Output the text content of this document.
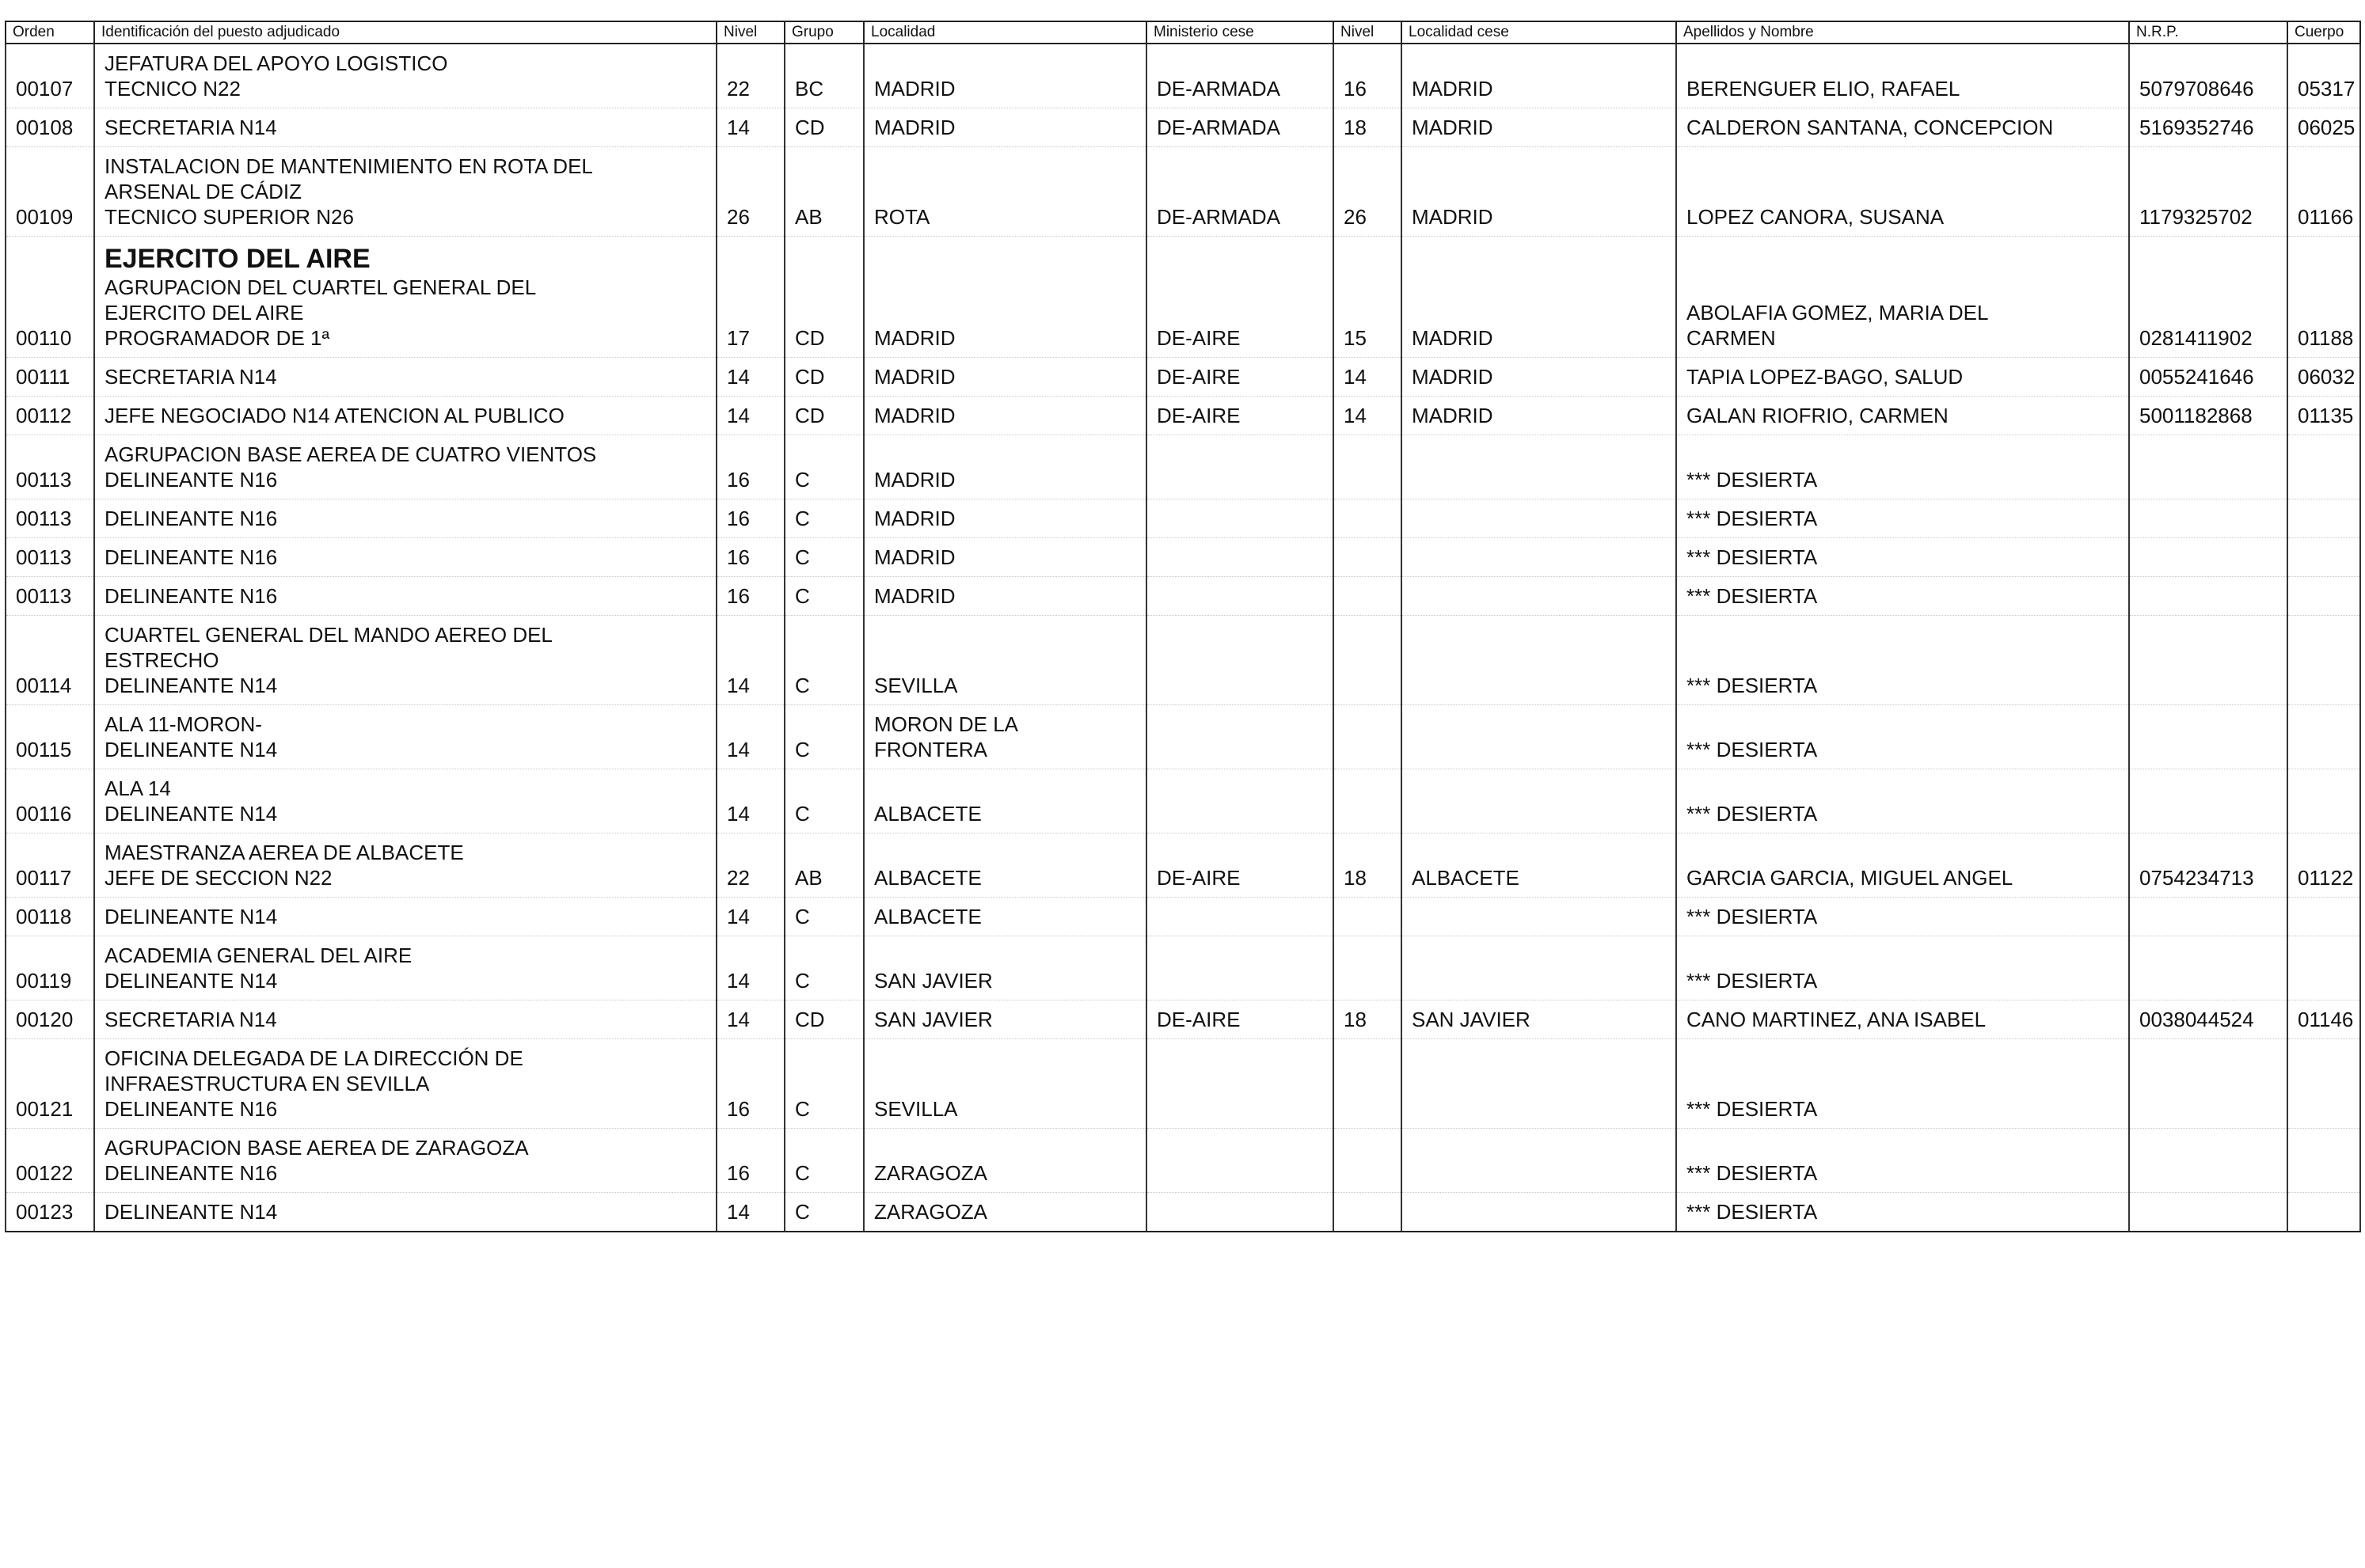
Orden	Identificación del puesto adjudicado	Nivel	Grupo	Localidad	Ministerio cese	Nivel	Localidad cese	Apellidos y Nombre	N.R.P.	Cuerpo
00107	JEFATURA DEL APOYO LOGISTICO
TECNICO N22	22	BC	MADRID	DE-ARMADA	16	MADRID	BERENGUER ELIO, RAFAEL	5079708646	05317
00108	SECRETARIA N14	14	CD	MADRID	DE-ARMADA	18	MADRID	CALDERON SANTANA, CONCEPCION	5169352746	06025
00109	INSTALACION DE MANTENIMIENTO EN ROTA DEL
ARSENAL DE CÁDIZ
TECNICO SUPERIOR N26	26	AB	ROTA	DE-ARMADA	26	MADRID	LOPEZ CANORA, SUSANA	1179325702	01166
00110	EJERCITO DEL AIRE
AGRUPACION DEL CUARTEL GENERAL DEL
EJERCITO DEL AIRE
PROGRAMADOR DE 1ª	17	CD	MADRID	DE-AIRE	15	MADRID	ABOLAFIA GOMEZ, MARIA DEL
CARMEN	0281411902	01188
00111	SECRETARIA N14	14	CD	MADRID	DE-AIRE	14	MADRID	TAPIA LOPEZ-BAGO, SALUD	0055241646	06032
00112	JEFE NEGOCIADO N14 ATENCION AL PUBLICO	14	CD	MADRID	DE-AIRE	14	MADRID	GALAN RIOFRIO, CARMEN	5001182868	01135
00113	AGRUPACION BASE AEREA DE CUATRO VIENTOS
DELINEANTE N16	16	C	MADRID				*** DESIERTA		
00113	DELINEANTE N16	16	C	MADRID				*** DESIERTA		
00113	DELINEANTE N16	16	C	MADRID				*** DESIERTA		
00113	DELINEANTE N16	16	C	MADRID				*** DESIERTA		
00114	CUARTEL GENERAL DEL MANDO AEREO DEL
ESTRECHO
DELINEANTE N14	14	C	SEVILLA				*** DESIERTA		
00115	ALA 11-MORON-
DELINEANTE N14	14	C	MORON DE LA
FRONTERA				*** DESIERTA		
00116	ALA 14
DELINEANTE N14	14	C	ALBACETE				*** DESIERTA		
00117	MAESTRANZA AEREA DE ALBACETE
JEFE DE SECCION N22	22	AB	ALBACETE	DE-AIRE	18	ALBACETE	GARCIA GARCIA, MIGUEL ANGEL	0754234713	01122
00118	DELINEANTE N14	14	C	ALBACETE				*** DESIERTA		
00119	ACADEMIA GENERAL DEL AIRE
DELINEANTE N14	14	C	SAN JAVIER				*** DESIERTA		
00120	SECRETARIA N14	14	CD	SAN JAVIER	DE-AIRE	18	SAN JAVIER	CANO MARTINEZ, ANA ISABEL	0038044524	01146
00121	OFICINA DELEGADA DE LA DIRECCIÓN DE
INFRAESTRUCTURA EN SEVILLA
DELINEANTE N16	16	C	SEVILLA				*** DESIERTA		
00122	AGRUPACION BASE AEREA DE ZARAGOZA
DELINEANTE N16	16	C	ZARAGOZA				*** DESIERTA		
00123	DELINEANTE N14	14	C	ZARAGOZA				*** DESIERTA		
